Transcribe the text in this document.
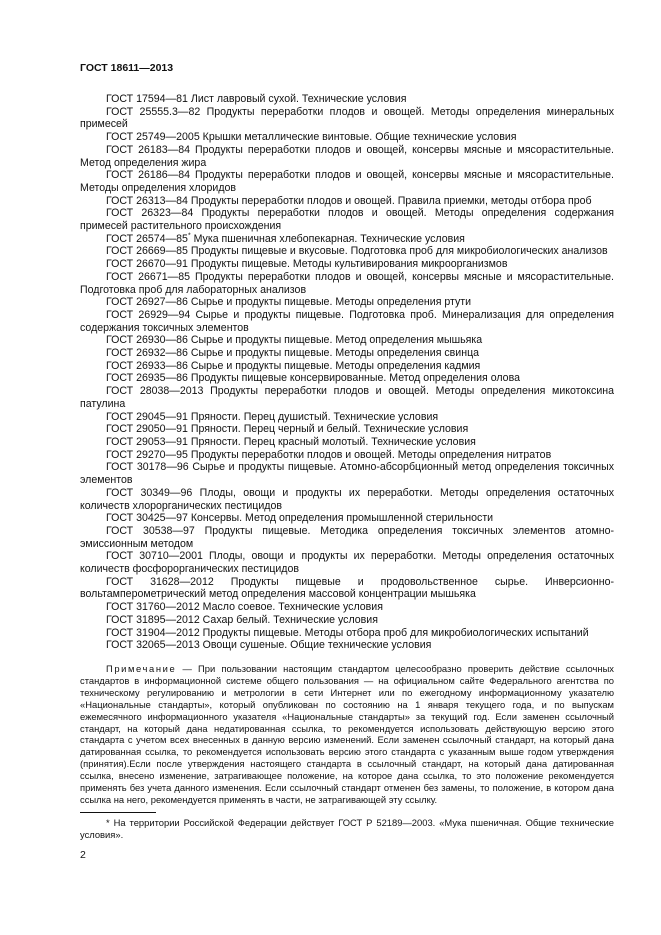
ГОСТ 18611—2013
ГОСТ 17594—81 Лист лавровый сухой. Технические условия
ГОСТ 25555.3—82 Продукты переработки плодов и овощей. Методы определения минеральных примесей
ГОСТ 25749—2005 Крышки металлические винтовые. Общие технические условия
ГОСТ 26183—84 Продукты переработки плодов и овощей, консервы мясные и мясорастительные. Метод определения жира
ГОСТ 26186—84 Продукты переработки плодов и овощей, консервы мясные и мясорастительные. Методы определения хлоридов
ГОСТ 26313—84 Продукты переработки плодов и овощей. Правила приемки, методы отбора проб
ГОСТ 26323—84 Продукты переработки плодов и овощей. Методы определения содержания примесей растительного происхождения
ГОСТ 26574—85* Мука пшеничная хлебопекарная. Технические условия
ГОСТ 26669—85 Продукты пищевые и вкусовые. Подготовка проб для микробиологических анализов
ГОСТ 26670—91 Продукты пищевые. Методы культивирования микроорганизмов
ГОСТ 26671—85 Продукты переработки плодов и овощей, консервы мясные и мясорастительные. Подготовка проб для лабораторных анализов
ГОСТ 26927—86 Сырье и продукты пищевые. Методы определения ртути
ГОСТ 26929—94 Сырье и продукты пищевые. Подготовка проб. Минерализация для определения содержания токсичных элементов
ГОСТ 26930—86 Сырье и продукты пищевые. Метод определения мышьяка
ГОСТ 26932—86 Сырье и продукты пищевые. Методы определения свинца
ГОСТ 26933—86 Сырье и продукты пищевые. Методы определения кадмия
ГОСТ 26935—86 Продукты пищевые консервированные. Метод определения олова
ГОСТ 28038—2013 Продукты переработки плодов и овощей. Методы определения микотоксина патулина
ГОСТ 29045—91 Пряности. Перец душистый. Технические условия
ГОСТ 29050—91 Пряности. Перец черный и белый. Технические условия
ГОСТ 29053—91 Пряности. Перец красный молотый. Технические условия
ГОСТ 29270—95 Продукты переработки плодов и овощей. Методы определения нитратов
ГОСТ 30178—96 Сырье и продукты пищевые. Атомно-абсорбционный метод определения токсичных элементов
ГОСТ 30349—96 Плоды, овощи и продукты их переработки. Методы определения остаточных количеств хлорорганических пестицидов
ГОСТ 30425—97 Консервы. Метод определения промышленной стерильности
ГОСТ 30538—97 Продукты пищевые. Методика определения токсичных элементов атомно-эмиссионным методом
ГОСТ 30710—2001 Плоды, овощи и продукты их переработки. Методы определения остаточных количеств фосфорорганических пестицидов
ГОСТ 31628—2012 Продукты пищевые и продовольственное сырье. Инверсионно-вольтамперометрический метод определения массовой концентрации мышьяка
ГОСТ 31760—2012 Масло соевое. Технические условия
ГОСТ 31895—2012 Сахар белый. Технические условия
ГОСТ 31904—2012 Продукты пищевые. Методы отбора проб для микробиологических испытаний
ГОСТ 32065—2013 Овощи сушеные. Общие технические условия
Примечание — При пользовании настоящим стандартом целесообразно проверить действие ссылочных стандартов в информационной системе общего пользования — на официальном сайте Федерального агентства по техническому регулированию и метрологии в сети Интернет или по ежегодному информационному указателю «Национальные стандарты», который опубликован по состоянию на 1 января текущего года, и по выпускам ежемесячного информационного указателя «Национальные стандарты» за текущий год. Если заменен ссылочный стандарт, на который дана недатированная ссылка, то рекомендуется использовать действующую версию этого стандарта с учетом всех внесенных в данную версию изменений. Если заменен ссылочный стандарт, на который дана датированная ссылка, то рекомендуется использовать версию этого стандарта с указанным выше годом утверждения (принятия).Если после утверждения настоящего стандарта в ссылочный стандарт, на который дана датированная ссылка, внесено изменение, затрагивающее положение, на которое дана ссылка, то это положение рекомендуется применять без учета данного изменения. Если ссылочный стандарт отменен без замены, то положение, в котором дана ссылка на него, рекомендуется применять в части, не затрагивающей эту ссылку.
* На территории Российской Федерации действует ГОСТ Р 52189—2003. «Мука пшеничная. Общие технические условия».
2
